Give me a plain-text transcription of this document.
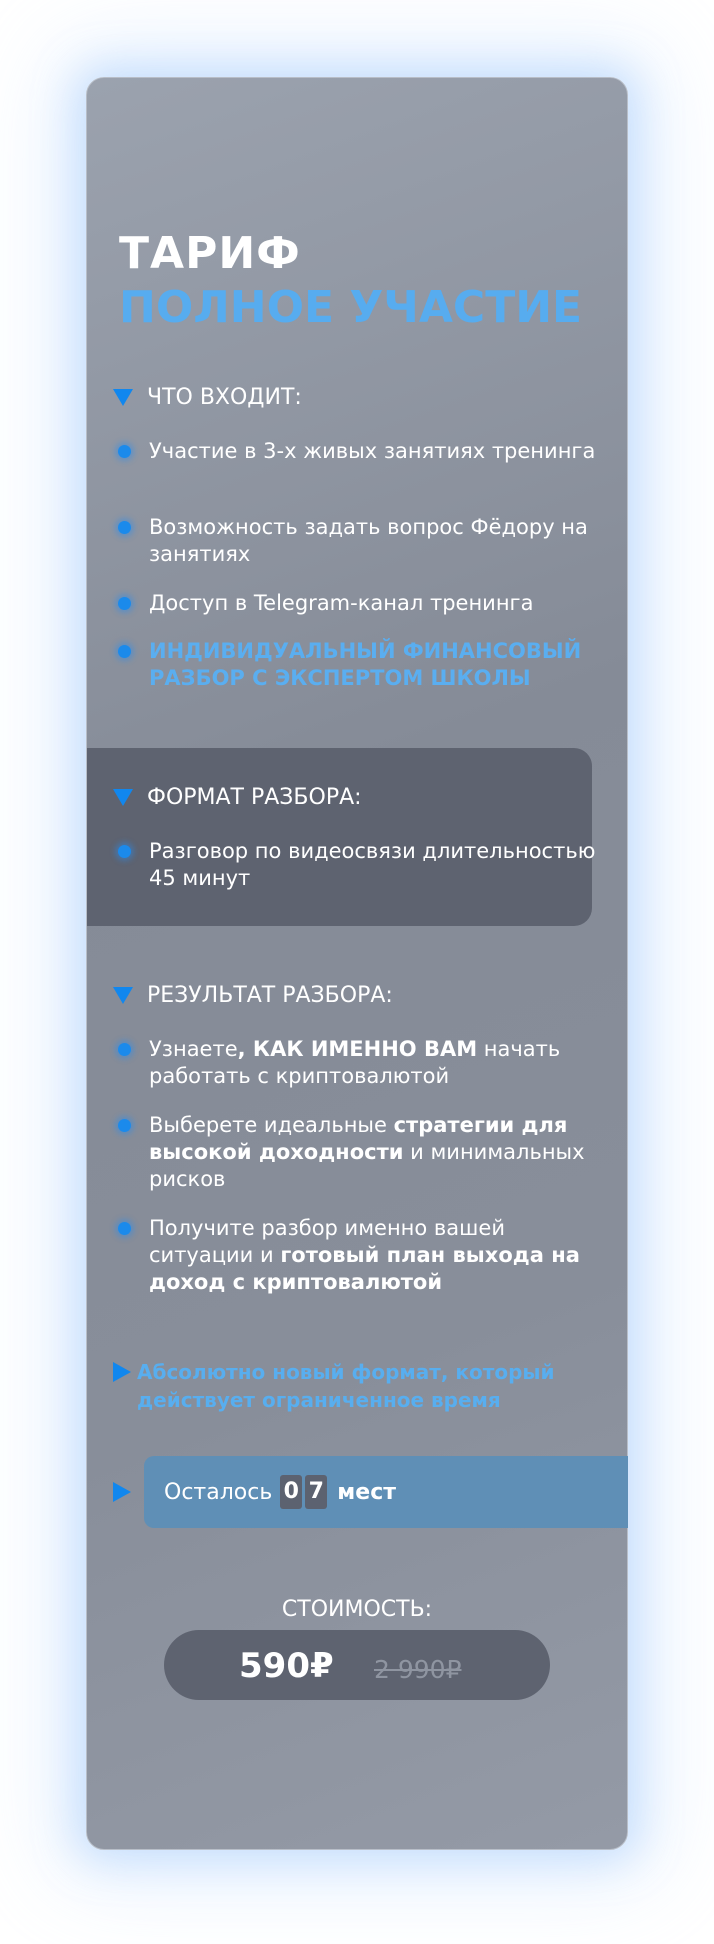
ТАРИФ
ПОЛНОЕ УЧАСТИЕ
ЧТО ВХОДИТ:
Участие в 3-х живых занятиях тренинга
Возможность задать вопрос Фёдору на занятиях
Доступ в Telegram-канал тренинга
ИНДИВИДУАЛЬНЫЙ ФИНАНСОВЫЙ РАЗБОР С ЭКСПЕРТОМ ШКОЛЫ
ФОРМАТ РАЗБОРА:
Разговор по видеосвязи длительностью 45 минут
РЕЗУЛЬТАТ РАЗБОРА:
Узнаете, КАК ИМЕННО ВАМ начать работать с криптовалютой
Выберете идеальные стратегии для высокой доходности и минимальных рисков
Получите разбор именно вашей ситуации и готовый план выхода на доход с криптовалютой
Абсолютно новый формат, который действует ограниченное время
Осталось 0 7 мест
СТОИМОСТЬ:
590₽ 2 990₽
